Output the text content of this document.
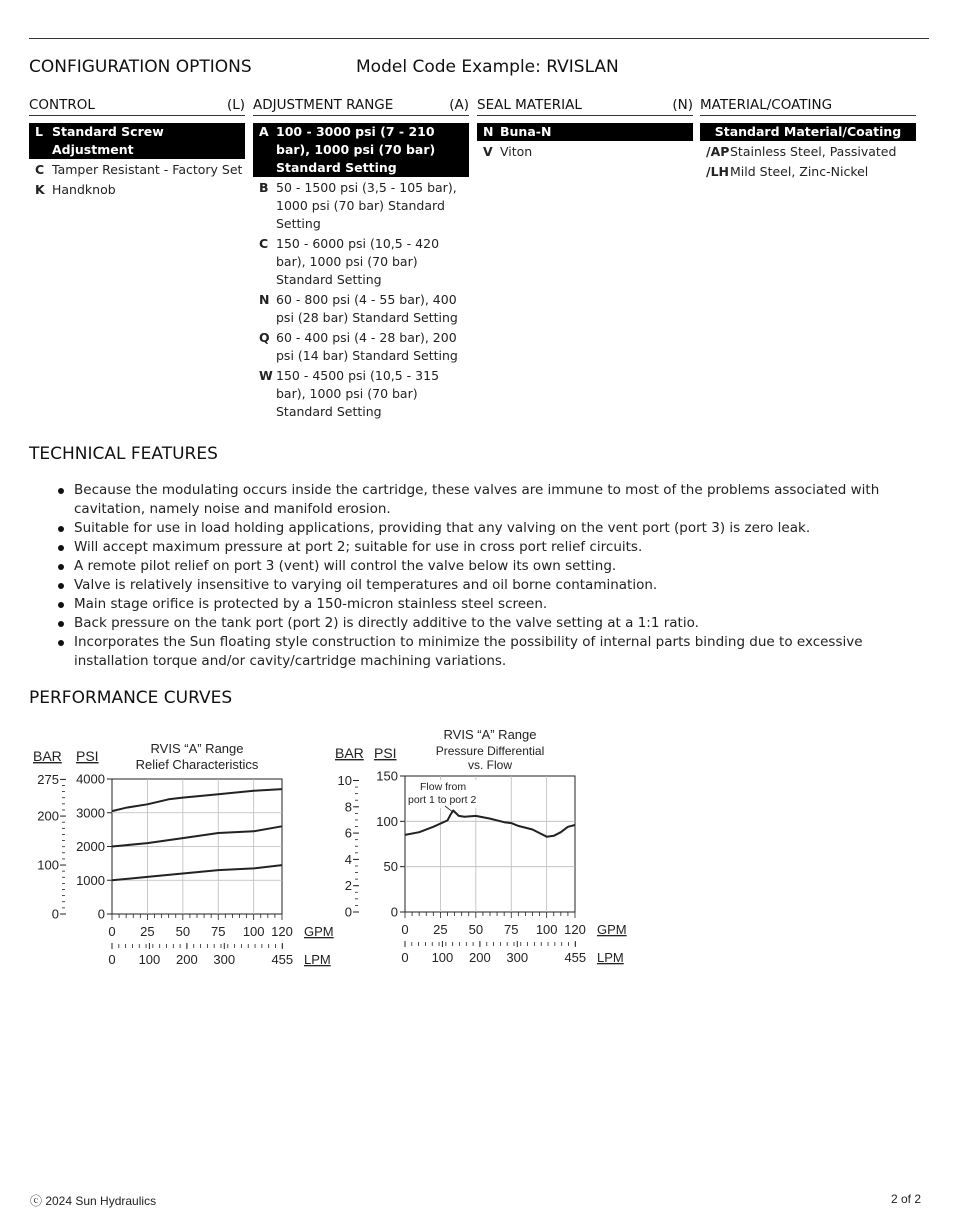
CONFIGURATION OPTIONS	Model Code Example: RVISLAN
CONTROL	(L)
L Standard Screw Adjustment
C Tamper Resistant - Factory Set
K Handknob
ADJUSTMENT RANGE	(A)
A 100 - 3000 psi (7 - 210 bar), 1000 psi (70 bar) Standard Setting
B 50 - 1500 psi (3,5 - 105 bar), 1000 psi (70 bar) Standard Setting
C 150 - 6000 psi (10,5 - 420 bar), 1000 psi (70 bar) Standard Setting
N 60 - 800 psi (4 - 55 bar), 400 psi (28 bar) Standard Setting
Q 60 - 400 psi (4 - 28 bar), 200 psi (14 bar) Standard Setting
W 150 - 4500 psi (10,5 - 315 bar), 1000 psi (70 bar) Standard Setting
SEAL MATERIAL	(N)
N Buna-N
V Viton
MATERIAL/COATING
Standard Material/Coating
/AP Stainless Steel, Passivated
/LH Mild Steel, Zinc-Nickel
TECHNICAL FEATURES
Because the modulating occurs inside the cartridge, these valves are immune to most of the problems associated with cavitation, namely noise and manifold erosion.
Suitable for use in load holding applications, providing that any valving on the vent port (port 3) is zero leak.
Will accept maximum pressure at port 2; suitable for use in cross port relief circuits.
A remote pilot relief on port 3 (vent) will control the valve below its own setting.
Valve is relatively insensitive to varying oil temperatures and oil borne contamination.
Main stage orifice is protected by a 150-micron stainless steel screen.
Back pressure on the tank port (port 2) is directly additive to the valve setting at a 1:1 ratio.
Incorporates the Sun floating style construction to minimize the possibility of internal parts binding due to excessive installation torque and/or cavity/cartridge machining variations.
PERFORMANCE CURVES
RVIS “A” Range
Relief Characteristics
BAR PSI
0
1000
2000
3000
4000
0
100
200
275
0 25 50 75 100 120 GPM
0 100 200 300	455 LPM
RVIS “A” Range
Pressure Differential
vs. Flow
BAR PSI
0
50
100
150
0
2
4
6
8
10
0 25 50 75 100 120 GPM
0 100 200 300	455 LPM
Flow from
port 1 to port 2
ⓒ 2024 Sun Hydraulics	2 of 2
